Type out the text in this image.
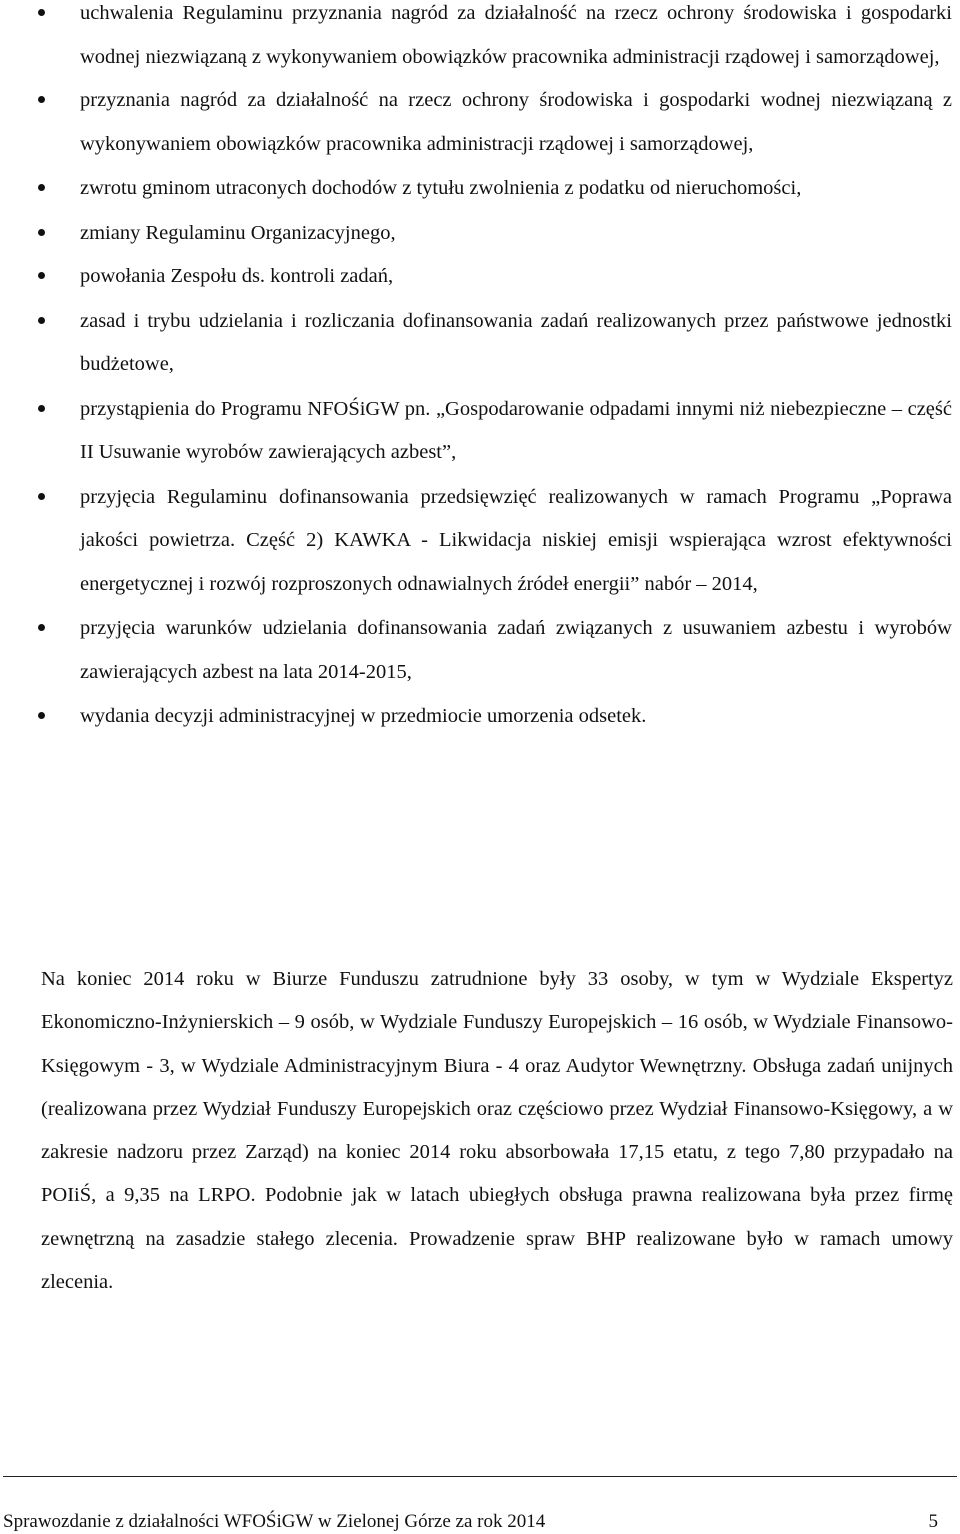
uchwalenia Regulaminu przyznania nagród za działalność na rzecz ochrony środowiska i gospodarki wodnej niezwiązaną z wykonywaniem obowiązków pracownika administracji rządowej i samorządowej,
przyznania nagród za działalność na rzecz ochrony środowiska i gospodarki wodnej niezwiązaną z wykonywaniem obowiązków pracownika administracji rządowej i samorządowej,
zwrotu gminom utraconych dochodów z tytułu zwolnienia z podatku od nieruchomości,
zmiany Regulaminu Organizacyjnego,
powołania Zespołu ds. kontroli zadań,
zasad i trybu udzielania i rozliczania dofinansowania zadań realizowanych przez państwowe jednostki budżetowe,
przystąpienia do Programu NFOŚiGW pn. „Gospodarowanie odpadami innymi niż niebezpieczne – część II Usuwanie wyrobów zawierających azbest”,
przyjęcia Regulaminu dofinansowania przedsięwzięć realizowanych w ramach Programu „Poprawa jakości powietrza. Część 2) KAWKA - Likwidacja niskiej emisji wspierająca wzrost efektywności energetycznej i rozwój rozproszonych odnawialnych źródeł energii” nabór – 2014,
przyjęcia warunków udzielania dofinansowania zadań związanych z usuwaniem azbestu i wyrobów zawierających azbest na lata 2014-2015,
wydania decyzji administracyjnej w przedmiocie umorzenia odsetek.

Na koniec 2014 roku w Biurze Funduszu zatrudnione były 33 osoby, w tym w Wydziale Ekspertyz Ekonomiczno-Inżynierskich – 9 osób, w Wydziale Funduszy Europejskich – 16 osób, w Wydziale Finansowo-Księgowym - 3, w Wydziale Administracyjnym Biura - 4 oraz Audytor Wewnętrzny. Obsługa zadań unijnych (realizowana przez Wydział Funduszy Europejskich oraz częściowo przez Wydział Finansowo-Księgowy, a w zakresie nadzoru przez Zarząd) na koniec 2014 roku absorbowała 17,15 etatu, z tego 7,80 przypadało na POIiŚ, a 9,35 na LRPO. Podobnie jak w latach ubiegłych obsługa prawna realizowana była przez firmę zewnętrzną na zasadzie stałego zlecenia. Prowadzenie spraw BHP realizowane było w ramach umowy zlecenia.

Sprawozdanie z działalności WFOŚiGW w Zielonej Górze za rok 2014	5
